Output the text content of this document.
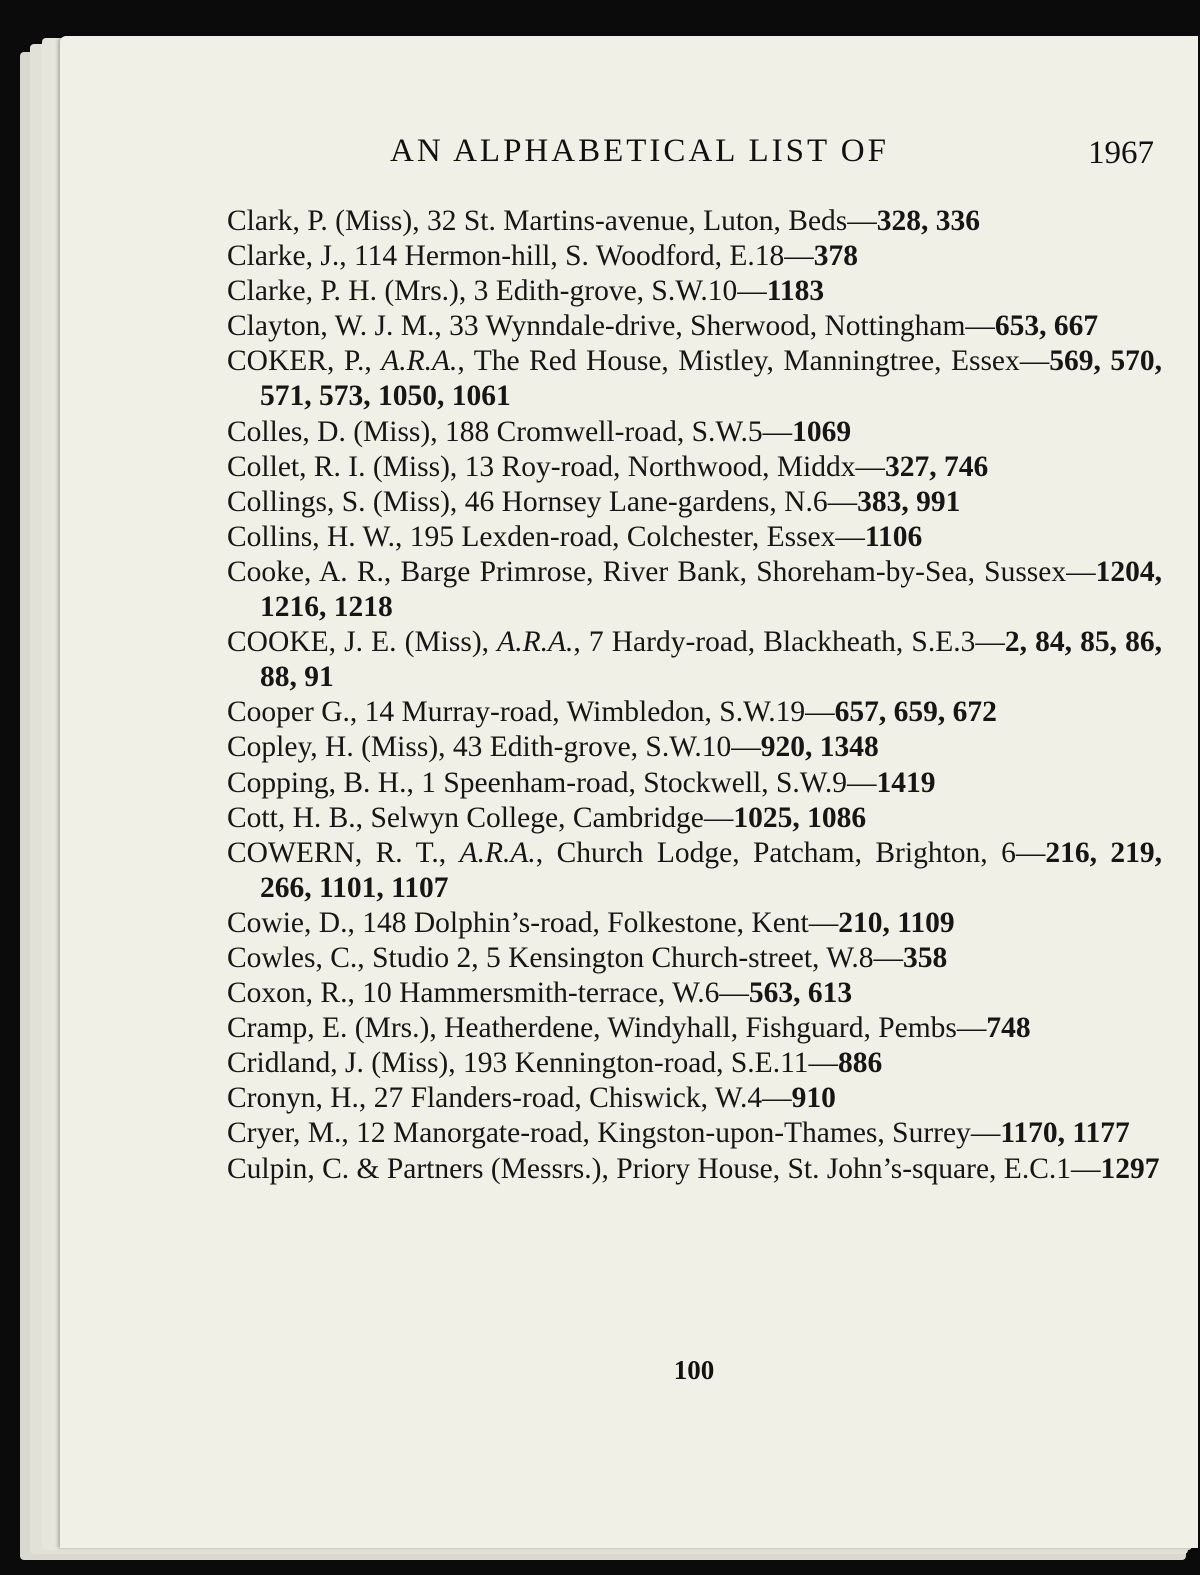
AN ALPHABETICAL LIST OF	1967
Clark, P. (Miss), 32 St. Martins-avenue, Luton, Beds—328, 336
Clarke, J., 114 Hermon-hill, S. Woodford, E.18—378
Clarke, P. H. (Mrs.), 3 Edith-grove, S.W.10—1183
Clayton, W. J. M., 33 Wynndale-drive, Sherwood, Nottingham—653, 667
COKER, P., A.R.A., The Red House, Mistley, Manningtree, Essex—569, 570, 571, 573, 1050, 1061
Colles, D. (Miss), 188 Cromwell-road, S.W.5—1069
Collet, R. I. (Miss), 13 Roy-road, Northwood, Middx—327, 746
Collings, S. (Miss), 46 Hornsey Lane-gardens, N.6—383, 991
Collins, H. W., 195 Lexden-road, Colchester, Essex—1106
Cooke, A. R., Barge Primrose, River Bank, Shoreham-by-Sea, Sussex—1204, 1216, 1218
COOKE, J. E. (Miss), A.R.A., 7 Hardy-road, Blackheath, S.E.3—2, 84, 85, 86, 88, 91
Cooper G., 14 Murray-road, Wimbledon, S.W.19—657, 659, 672
Copley, H. (Miss), 43 Edith-grove, S.W.10—920, 1348
Copping, B. H., 1 Speenham-road, Stockwell, S.W.9—1419
Cott, H. B., Selwyn College, Cambridge—1025, 1086
COWERN, R. T., A.R.A., Church Lodge, Patcham, Brighton, 6—216, 219, 266, 1101, 1107
Cowie, D., 148 Dolphin’s-road, Folkestone, Kent—210, 1109
Cowles, C., Studio 2, 5 Kensington Church-street, W.8—358
Coxon, R., 10 Hammersmith-terrace, W.6—563, 613
Cramp, E. (Mrs.), Heatherdene, Windyhall, Fishguard, Pembs—748
Cridland, J. (Miss), 193 Kennington-road, S.E.11—886
Cronyn, H., 27 Flanders-road, Chiswick, W.4—910
Cryer, M., 12 Manorgate-road, Kingston-upon-Thames, Surrey—1170, 1177
Culpin, C. & Partners (Messrs.), Priory House, St. John’s-square, E.C.1—1297
100
